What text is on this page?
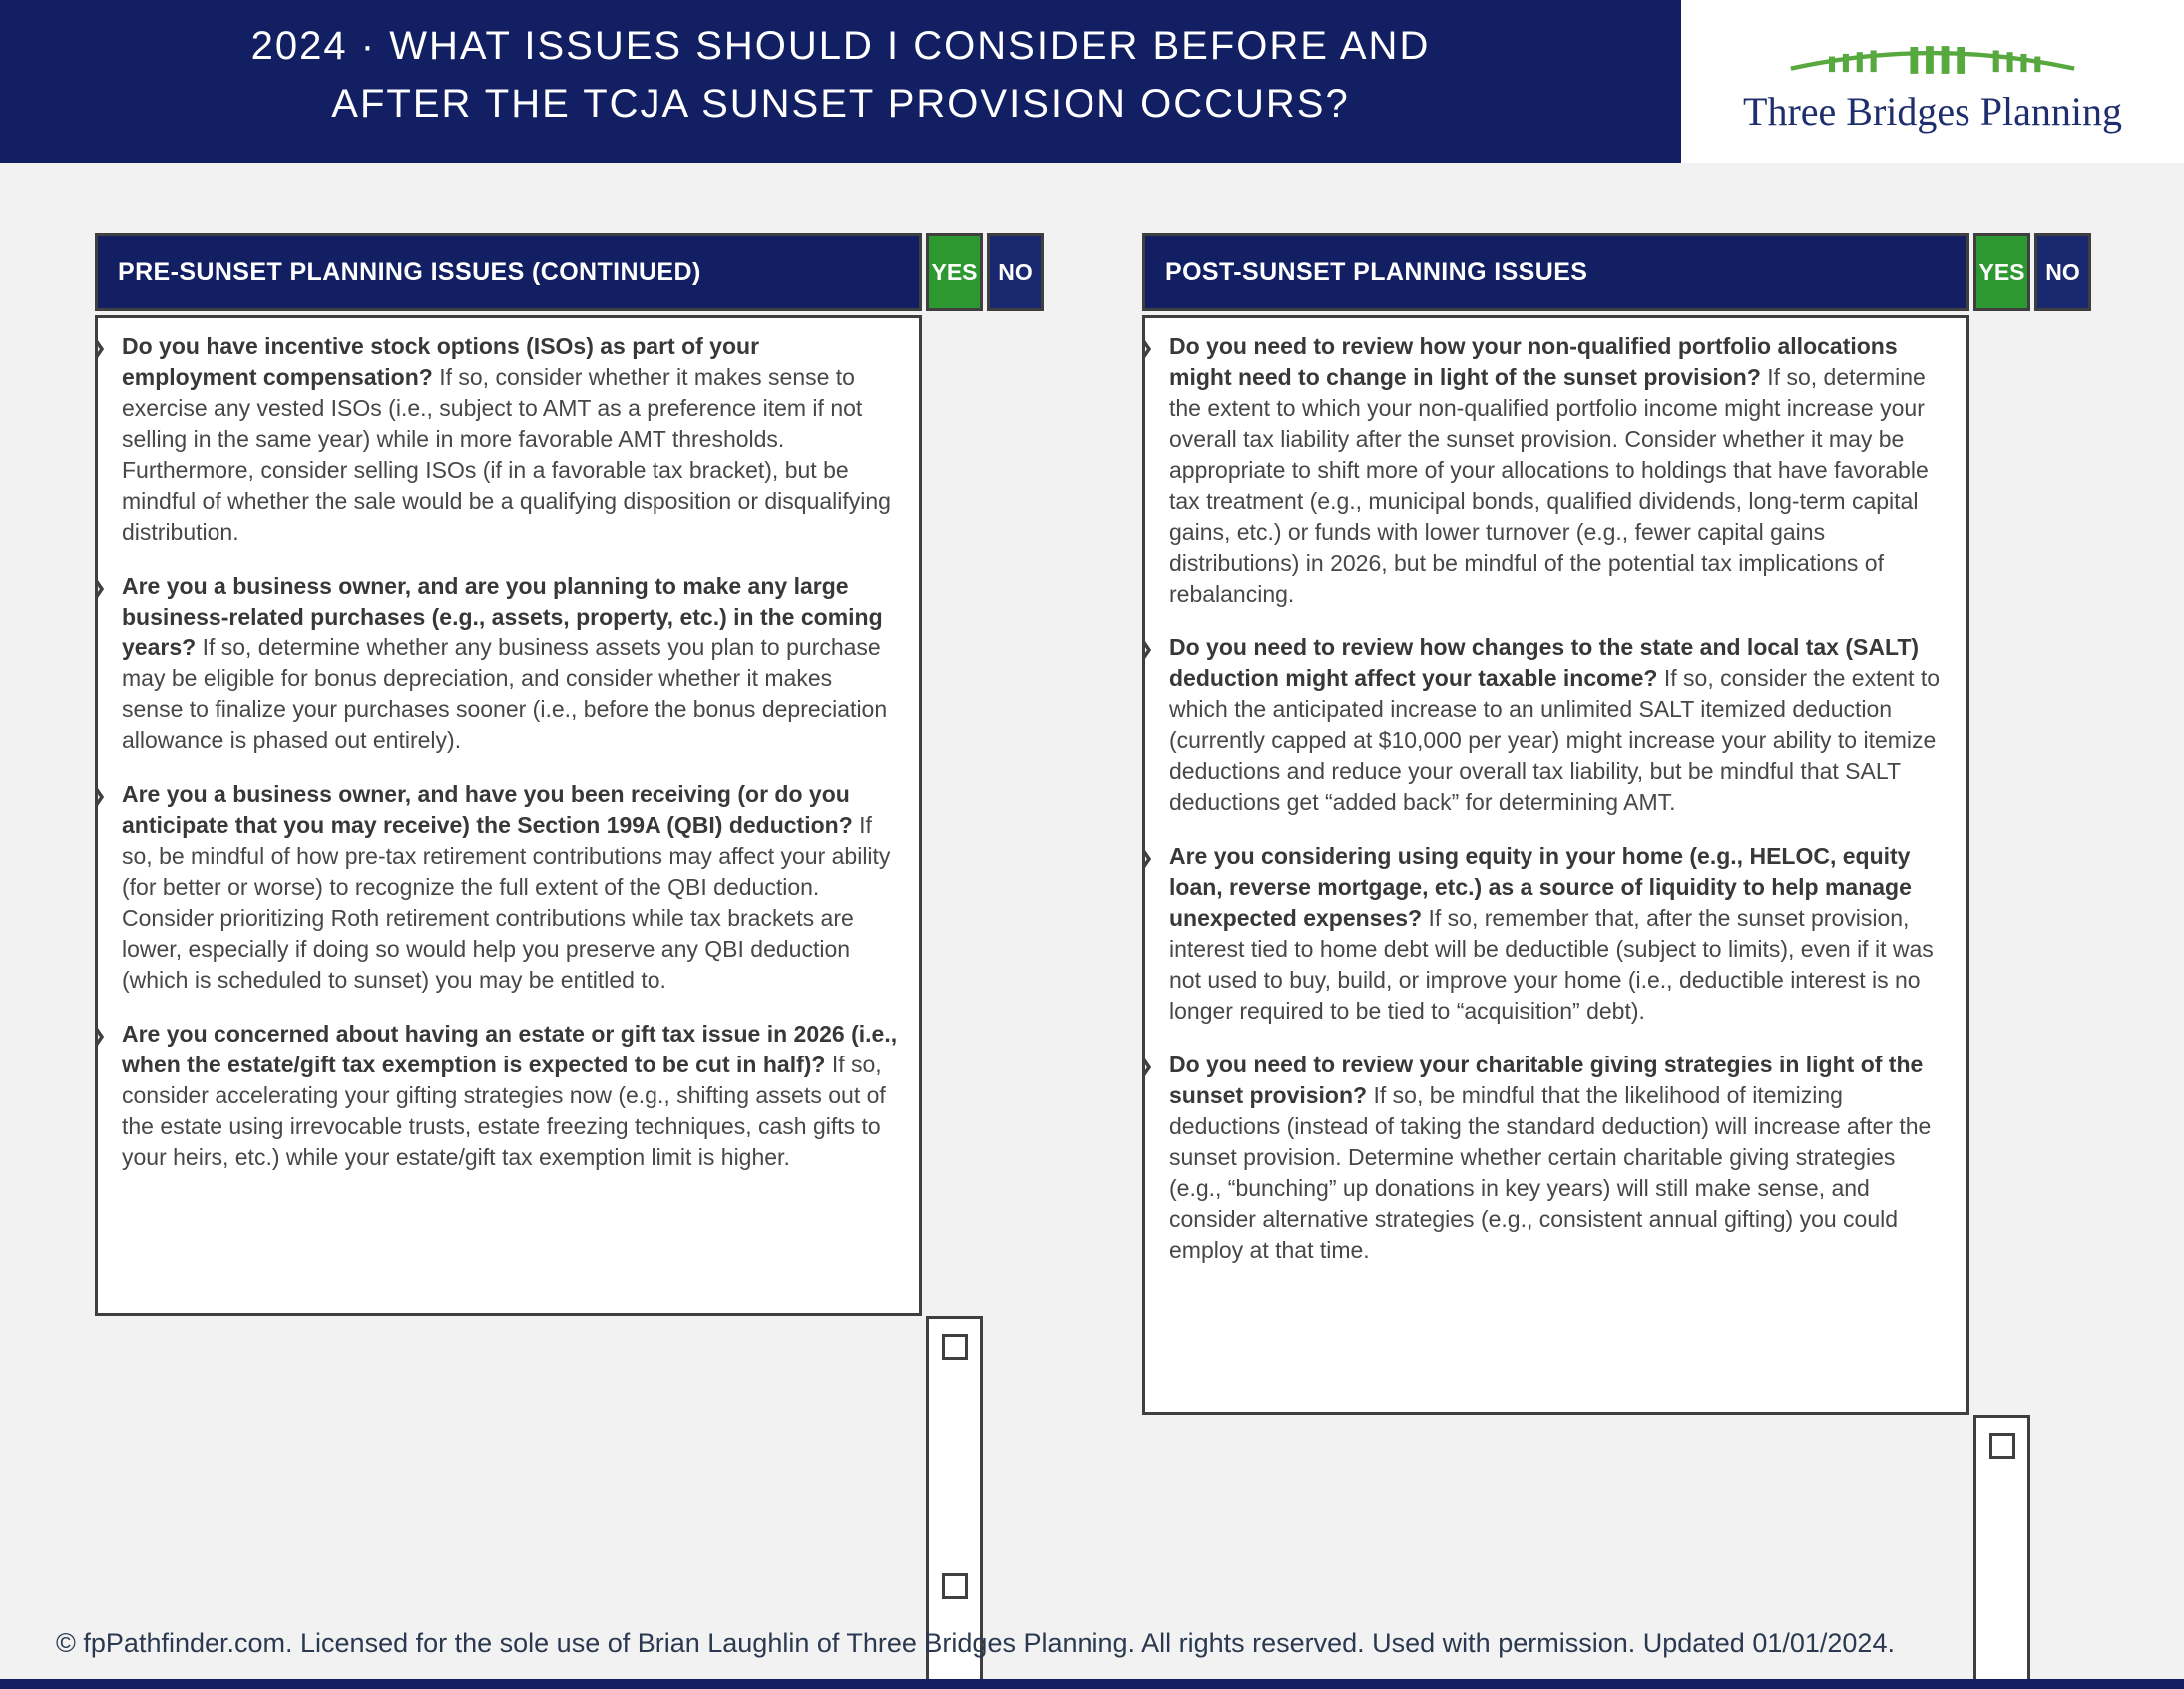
2024 · WHAT ISSUES SHOULD I CONSIDER BEFORE AND
AFTER THE TCJA SUNSET PROVISION OCCURS?	Three Bridges Planning
PRE-SUNSET PLANNING ISSUES (CONTINUED)	YES NO

Do you have incentive stock options (ISOs) as part of your employment compensation? If so, consider whether it makes sense to exercise any vested ISOs (i.e., subject to AMT as a preference item if not selling in the same year) while in more favorable AMT thresholds. Furthermore, consider selling ISOs (if in a favorable tax bracket), but be mindful of whether the sale would be a qualifying disposition or disqualifying distribution.

Are you a business owner, and are you planning to make any large business-related purchases (e.g., assets, property, etc.) in the coming years? If so, determine whether any business assets you plan to purchase may be eligible for bonus depreciation, and consider whether it makes sense to finalize your purchases sooner (i.e., before the bonus depreciation allowance is phased out entirely).

Are you a business owner, and have you been receiving (or do you anticipate that you may receive) the Section 199A (QBI) deduction? If so, be mindful of how pre-tax retirement contributions may affect your ability (for better or worse) to recognize the full extent of the QBI deduction. Consider prioritizing Roth retirement contributions while tax brackets are lower, especially if doing so would help you preserve any QBI deduction (which is scheduled to sunset) you may be entitled to.

Are you concerned about having an estate or gift tax issue in 2026 (i.e., when the estate/gift tax exemption is expected to be cut in half)? If so, consider accelerating your gifting strategies now (e.g., shifting assets out of the estate using irrevocable trusts, estate freezing techniques, cash gifts to your heirs, etc.) while your estate/gift tax exemption limit is higher.

POST-SUNSET PLANNING ISSUES	YES NO

Do you need to review how your non-qualified portfolio allocations might need to change in light of the sunset provision? If so, determine the extent to which your non-qualified portfolio income might increase your overall tax liability after the sunset provision. Consider whether it may be appropriate to shift more of your allocations to holdings that have favorable tax treatment (e.g., municipal bonds, qualified dividends, long-term capital gains, etc.) or funds with lower turnover (e.g., fewer capital gains distributions) in 2026, but be mindful of the potential tax implications of rebalancing.

Do you need to review how changes to the state and local tax (SALT) deduction might affect your taxable income? If so, consider the extent to which the anticipated increase to an unlimited SALT itemized deduction (currently capped at $10,000 per year) might increase your ability to itemize deductions and reduce your overall tax liability, but be mindful that SALT deductions get “added back” for determining AMT.

Are you considering using equity in your home (e.g., HELOC, equity loan, reverse mortgage, etc.) as a source of liquidity to help manage unexpected expenses? If so, remember that, after the sunset provision, interest tied to home debt will be deductible (subject to limits), even if it was not used to buy, build, or improve your home (i.e., deductible interest is no longer required to be tied to “acquisition” debt).

Do you need to review your charitable giving strategies in light of the sunset provision? If so, be mindful that the likelihood of itemizing deductions (instead of taking the standard deduction) will increase after the sunset provision. Determine whether certain charitable giving strategies (e.g., “bunching” up donations in key years) will still make sense, and consider alternative strategies (e.g., consistent annual gifting) you could employ at that time.

© fpPathfinder.com. Licensed for the sole use of Brian Laughlin of Three Bridges Planning. All rights reserved. Used with permission. Updated 01/01/2024.
